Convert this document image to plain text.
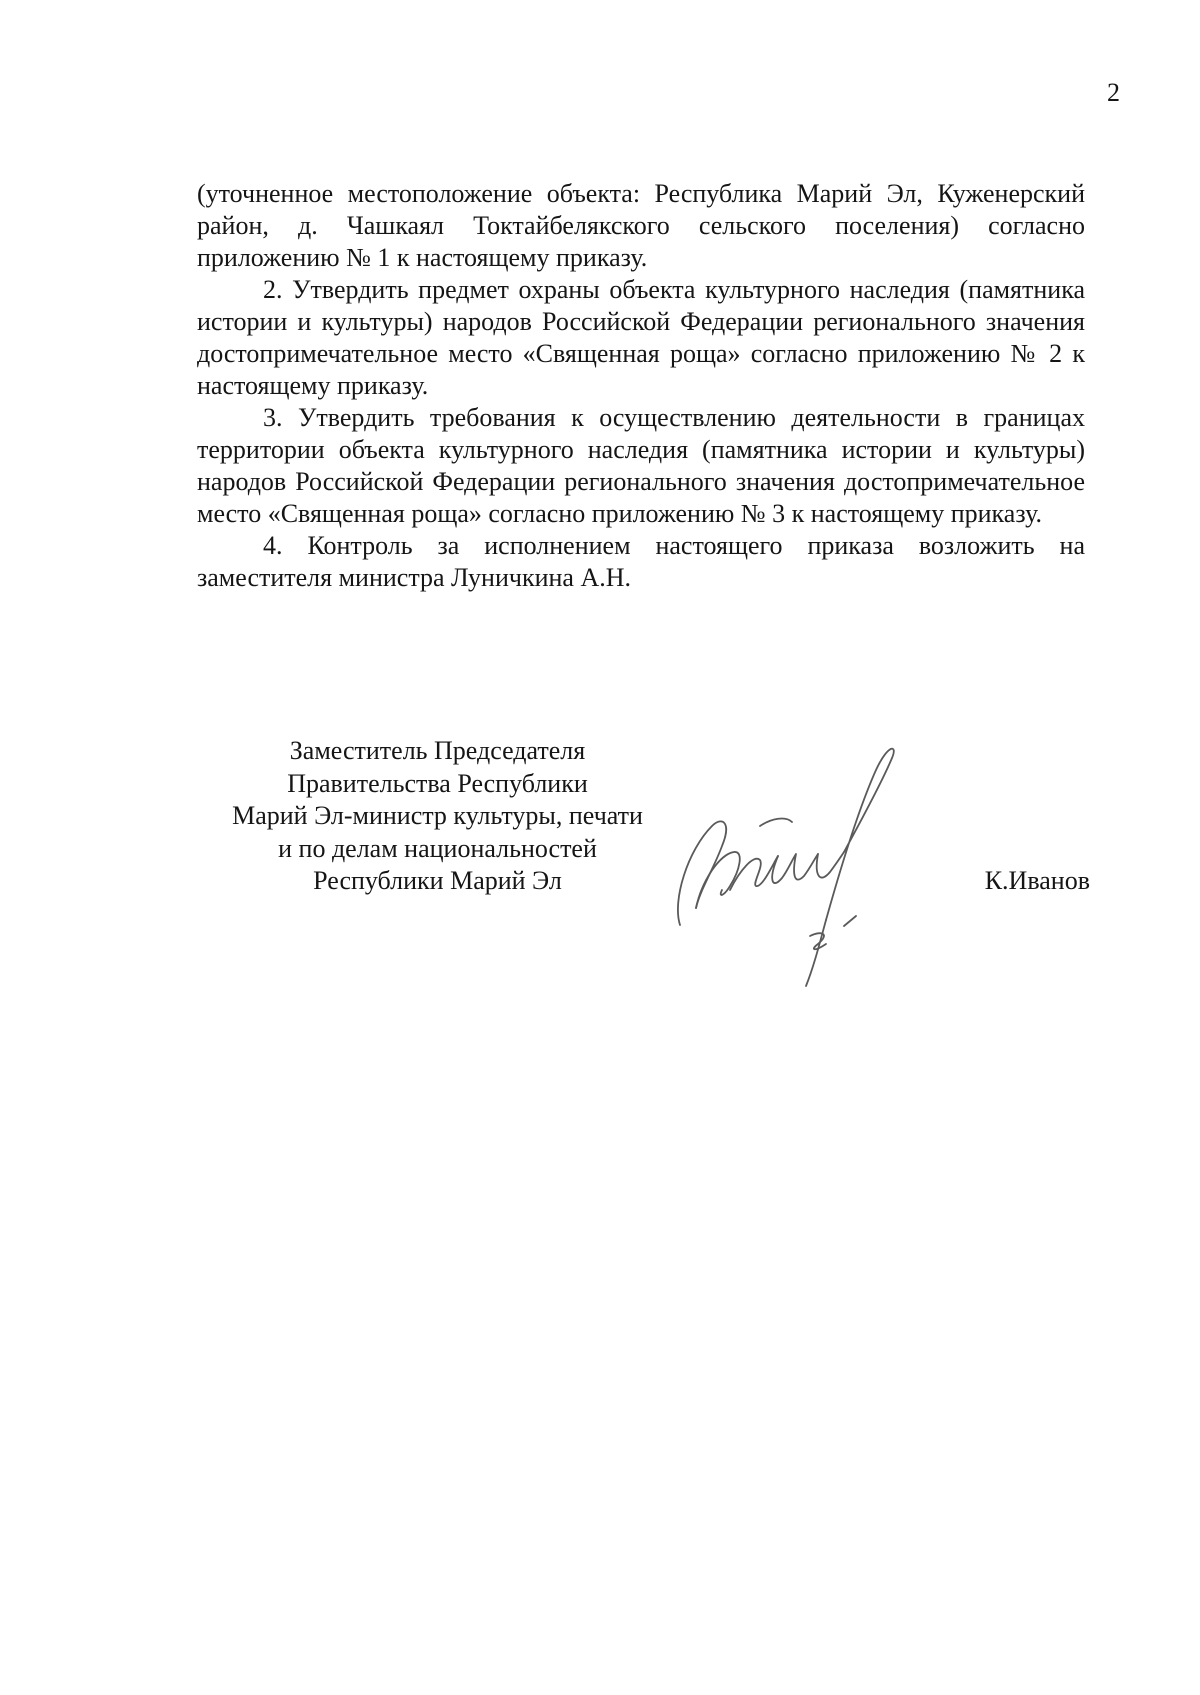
2

(уточненное местоположение объекта: Республика Марий Эл, Куженерский район, д. Чашкаял Токтайбелякского сельского поселения) согласно приложению № 1 к настоящему приказу.

2. Утвердить предмет охраны объекта культурного наследия (памятника истории и культуры) народов Российской Федерации регионального значения достопримечательное место «Священная роща» согласно приложению № 2 к настоящему приказу.

3. Утвердить требования к осуществлению деятельности в границах территории объекта культурного наследия (памятника истории и культуры) народов Российской Федерации регионального значения достопримечательное место «Священная роща» согласно приложению № 3 к настоящему приказу.

4. Контроль за исполнением настоящего приказа возложить на заместителя министра Луничкина А.Н.

Заместитель Председателя
Правительства Республики
Марий Эл-министр культуры, печати
и по делам национальностей
Республики Марий Эл	К.Иванов
